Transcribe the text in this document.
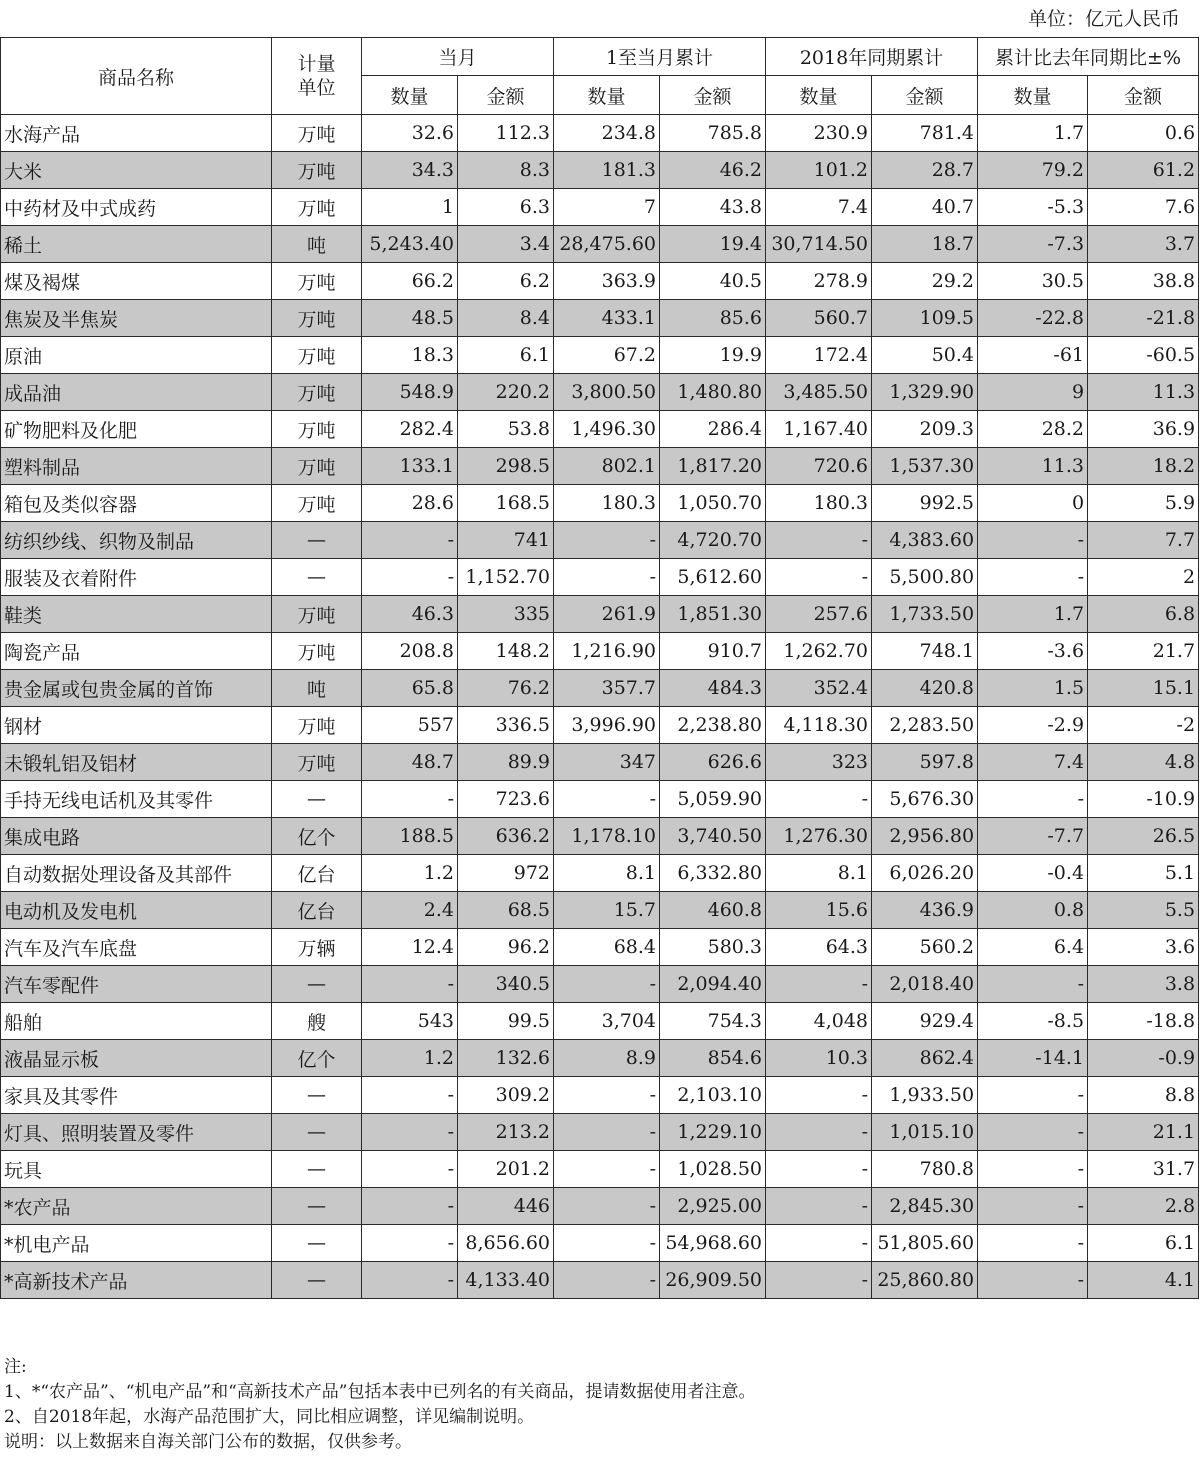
单位：亿元人民币
商品名称	计量单位	当月		1至当月累计		2018年同期累计		累计比去年同期比±%	
		数量	金额	数量	金额	数量	金额	数量	金额
水海产品	万吨	32.6	112.3	234.8	785.8	230.9	781.4	1.7	0.6
大米	万吨	34.3	8.3	181.3	46.2	101.2	28.7	79.2	61.2
中药材及中式成药	万吨	1	6.3	7	43.8	7.4	40.7	-5.3	7.6
稀土	吨	5,243.40	3.4	28,475.60	19.4	30,714.50	18.7	-7.3	3.7
煤及褐煤	万吨	66.2	6.2	363.9	40.5	278.9	29.2	30.5	38.8
焦炭及半焦炭	万吨	48.5	8.4	433.1	85.6	560.7	109.5	-22.8	-21.8
原油	万吨	18.3	6.1	67.2	19.9	172.4	50.4	-61	-60.5
成品油	万吨	548.9	220.2	3,800.50	1,480.80	3,485.50	1,329.90	9	11.3
矿物肥料及化肥	万吨	282.4	53.8	1,496.30	286.4	1,167.40	209.3	28.2	36.9
塑料制品	万吨	133.1	298.5	802.1	1,817.20	720.6	1,537.30	11.3	18.2
箱包及类似容器	万吨	28.6	168.5	180.3	1,050.70	180.3	992.5	0	5.9
纺织纱线、织物及制品	—	-	741	-	4,720.70	-	4,383.60	-	7.7
服装及衣着附件	—	-	1,152.70	-	5,612.60	-	5,500.80	-	2
鞋类	万吨	46.3	335	261.9	1,851.30	257.6	1,733.50	1.7	6.8
陶瓷产品	万吨	208.8	148.2	1,216.90	910.7	1,262.70	748.1	-3.6	21.7
贵金属或包贵金属的首饰	吨	65.8	76.2	357.7	484.3	352.4	420.8	1.5	15.1
钢材	万吨	557	336.5	3,996.90	2,238.80	4,118.30	2,283.50	-2.9	-2
未锻轧铝及铝材	万吨	48.7	89.9	347	626.6	323	597.8	7.4	4.8
手持无线电话机及其零件	—	-	723.6	-	5,059.90	-	5,676.30	-	-10.9
集成电路	亿个	188.5	636.2	1,178.10	3,740.50	1,276.30	2,956.80	-7.7	26.5
自动数据处理设备及其部件	亿台	1.2	972	8.1	6,332.80	8.1	6,026.20	-0.4	5.1
电动机及发电机	亿台	2.4	68.5	15.7	460.8	15.6	436.9	0.8	5.5
汽车及汽车底盘	万辆	12.4	96.2	68.4	580.3	64.3	560.2	6.4	3.6
汽车零配件	—	-	340.5	-	2,094.40	-	2,018.40	-	3.8
船舶	艘	543	99.5	3,704	754.3	4,048	929.4	-8.5	-18.8
液晶显示板	亿个	1.2	132.6	8.9	854.6	10.3	862.4	-14.1	-0.9
家具及其零件	—	-	309.2	-	2,103.10	-	1,933.50	-	8.8
灯具、照明装置及零件	—	-	213.2	-	1,229.10	-	1,015.10	-	21.1
玩具	—	-	201.2	-	1,028.50	-	780.8	-	31.7
*农产品	—	-	446	-	2,925.00	-	2,845.30	-	2.8
*机电产品	—	-	8,656.60	-	54,968.60	-	51,805.60	-	6.1
*高新技术产品	—	-	4,133.40	-	26,909.50	-	25,860.80	-	4.1
注:
1、*“农产品”、“机电产品”和“高新技术产品”包括本表中已列名的有关商品，提请数据使用者注意。
2、自2018年起，水海产品范围扩大，同比相应调整，详见编制说明。
说明：以上数据来自海关部门公布的数据，仅供参考。
